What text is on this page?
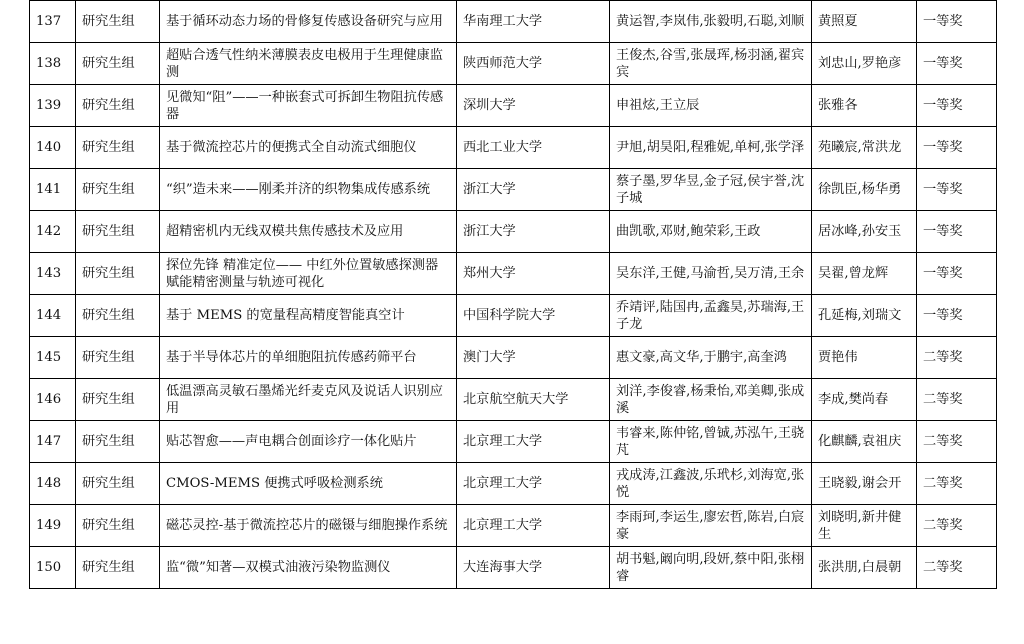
137	研究生组	基于循环动态力场的骨修复传感设备研究与应用	华南理工大学	黄运智,李岚伟,张毅明,石聪,刘顺	黄照夏	一等奖
138	研究生组	超贴合透气性纳米薄膜表皮电极用于生理健康监测	陕西师范大学	王俊杰,谷雪,张晟珲,杨羽涵,翟宾宾	刘忠山,罗艳彦	一等奖
139	研究生组	见微知“阻”——一种嵌套式可拆卸生物阻抗传感器	深圳大学	申祖炫,王立辰	张雅各	一等奖
140	研究生组	基于微流控芯片的便携式全自动流式细胞仪	西北工业大学	尹旭,胡昊阳,程雅妮,单柯,张学泽	苑曦宸,常洪龙	一等奖
141	研究生组	“织”造未来——刚柔并济的织物集成传感系统	浙江大学	蔡子墨,罗华昱,金子冠,侯宇誉,沈子城	徐凯臣,杨华勇	一等奖
142	研究生组	超精密机内无线双模共焦传感技术及应用	浙江大学	曲凯歌,邓财,鲍荣彩,王政	居冰峰,孙安玉	一等奖
143	研究生组	探位先锋 精准定位—— 中红外位置敏感探测器赋能精密测量与轨迹可视化	郑州大学	吴东洋,王健,马渝哲,吴万清,王余	吴翟,曾龙辉	一等奖
144	研究生组	基于 MEMS 的宽量程高精度智能真空计	中国科学院大学	乔靖评,陆国冉,孟鑫昊,苏瑞海,王子龙	孔延梅,刘瑞文	一等奖
145	研究生组	基于半导体芯片的单细胞阻抗传感药筛平台	澳门大学	惠文豪,高文华,于鹏宇,高奎鸿	贾艳伟	二等奖
146	研究生组	低温漂高灵敏石墨烯光纤麦克风及说话人识别应用	北京航空航天大学	刘洋,李俊睿,杨秉怡,邓美卿,张成溪	李成,樊尚春	二等奖
147	研究生组	贴芯智愈——声电耦合创面诊疗一体化贴片	北京理工大学	韦睿来,陈仲铭,曾铖,苏泓午,王骁芃	化麒麟,袁祖庆	二等奖
148	研究生组	CMOS-MEMS 便携式呼吸检测系统	北京理工大学	戎成涛,江鑫波,乐玳杉,刘海宽,张悦	王晓毅,谢会开	二等奖
149	研究生组	磁芯灵控-基于微流控芯片的磁镊与细胞操作系统	北京理工大学	李雨珂,李运生,廖宏哲,陈岩,白宸豪	刘晓明,新井健生	二等奖
150	研究生组	监“微”知著—双模式油液污染物监测仪	大连海事大学	胡书魁,阚向明,段妍,蔡中阳,张栩睿	张洪朋,白晨朝	二等奖
